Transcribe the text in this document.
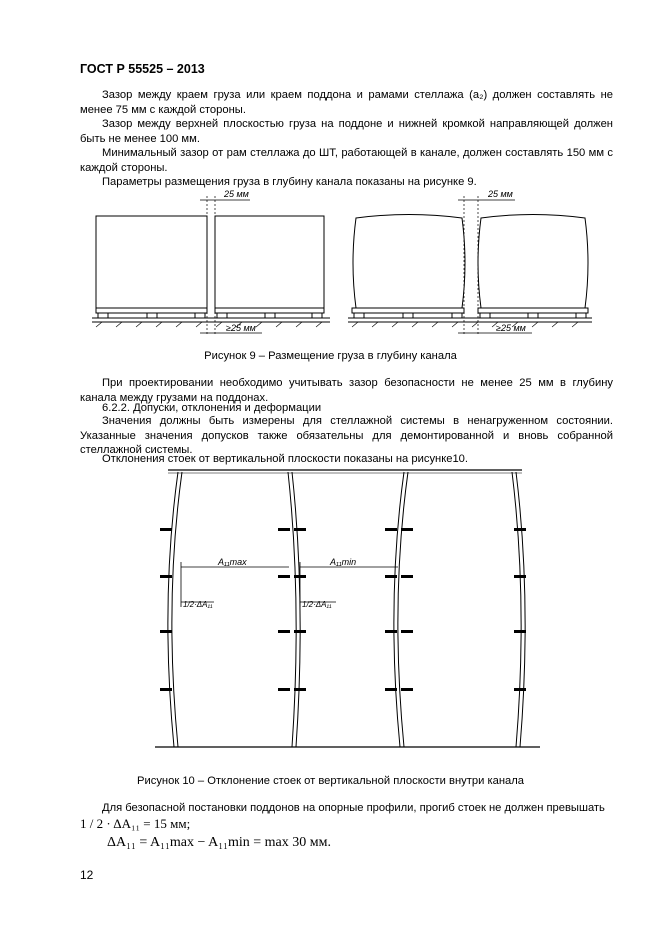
ГОСТ Р 55525 – 2013

Зазор между краем груза или краем поддона и рамами стеллажа (a₂) должен составлять не менее 75 мм с каждой стороны.

Зазор между верхней плоскостью груза на поддоне и нижней кромкой направляющей должен быть не менее 100 мм.

Минимальный зазор от рам стеллажа до ШТ, работающей в канале, должен составлять 150 мм с каждой стороны.

Параметры размещения груза в глубину канала показаны на рисунке 9.

25 мм	25 мм
≥25 мм	≥25 мм
Рисунок 9 – Размещение груза в глубину канала

При проектировании необходимо учитывать зазор безопасности не менее 25 мм в глубину канала между грузами на поддонах.

6.2.2. Допуски, отклонения и деформации

Значения должны быть измерены для стеллажной системы в ненагруженном состоянии. Указанные значения допусков также обязательны для демонтированной и вновь собранной стеллажной системы.

Отклонения стоек от вертикальной плоскости показаны на рисунке10.

A₁₁max	A₁₁min
1/2·ΔA₁₁	1/2·ΔA₁₁
Рисунок 10 – Отклонение стоек от вертикальной плоскости внутри канала

Для безопасной постановки поддонов на опорные профили, прогиб стоек не должен превышать

1 / 2 · ΔA₁₁ = 15 мм;
ΔA₁₁ = A₁₁max − A₁₁min = max 30 мм.
12
